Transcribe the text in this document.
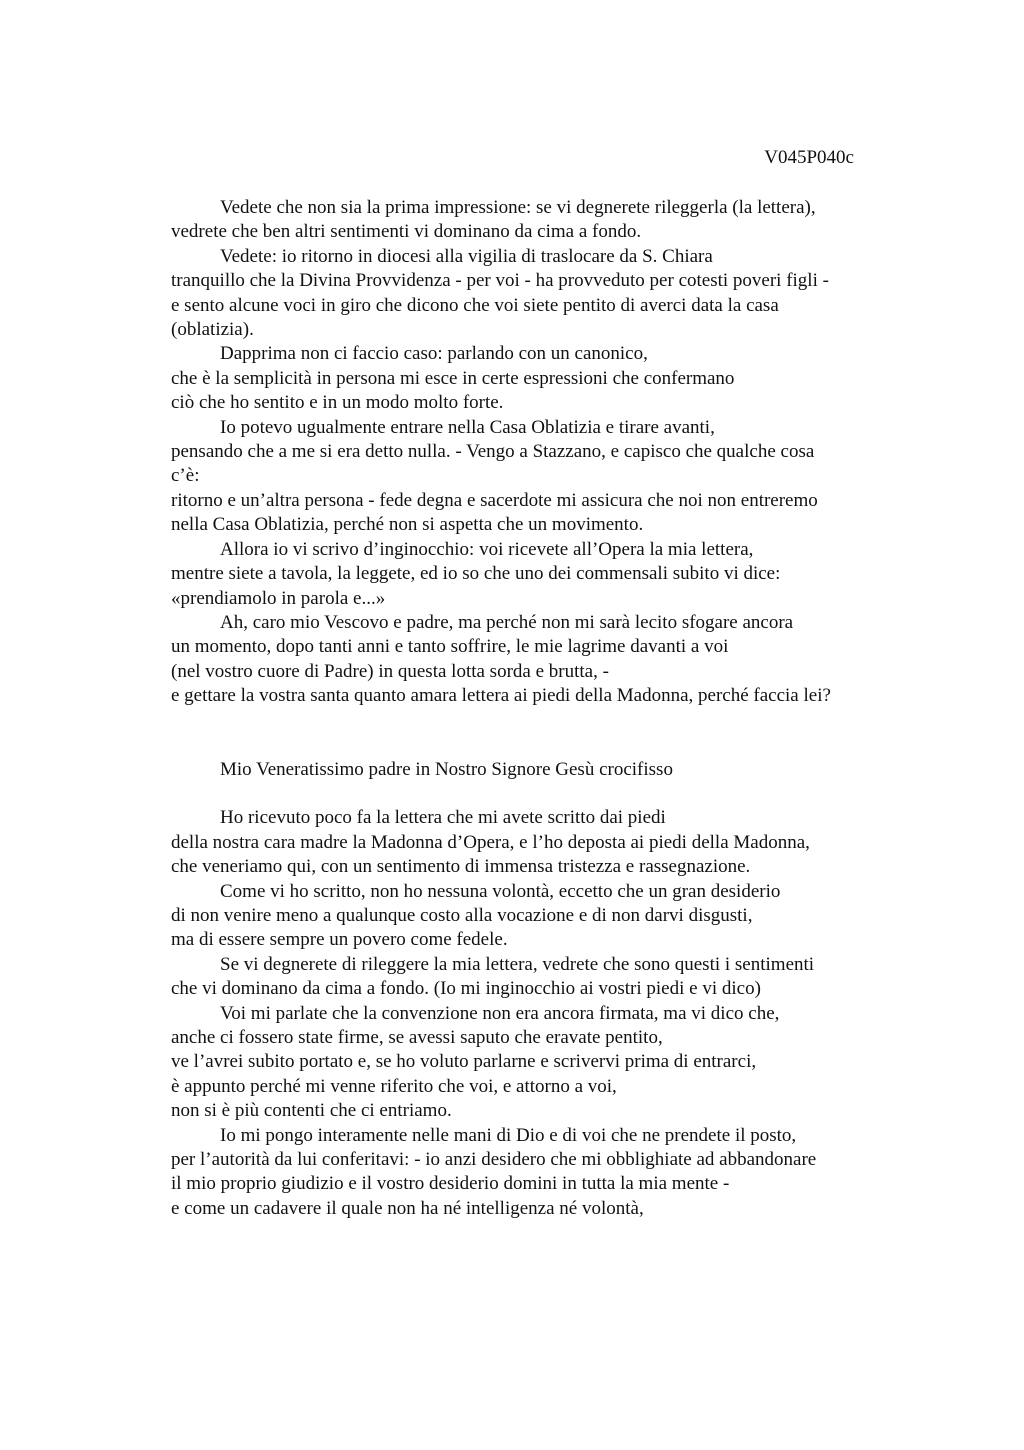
V045P040c
Vedete che non sia la prima impressione: se vi degnerete rileggerla (la lettera),
vedrete che ben altri sentimenti vi dominano da cima a fondo.
Vedete: io ritorno in diocesi alla vigilia di traslocare da S. Chiara
tranquillo che la Divina Provvidenza - per voi - ha provveduto per cotesti poveri figli -
e sento alcune voci in giro che dicono che voi siete pentito di averci data la casa
(oblatizia).
Dapprima non ci faccio caso: parlando con un canonico,
che è la semplicità in persona mi esce in certe espressioni che confermano
ciò che ho sentito e in un modo molto forte.
Io potevo ugualmente entrare nella Casa Oblatizia e tirare avanti,
pensando che a me si era detto nulla. - Vengo a Stazzano, e capisco che qualche cosa
c’è:
ritorno e un’altra persona - fede degna e sacerdote mi assicura che noi non entreremo
nella Casa Oblatizia, perché non si aspetta che un movimento.
Allora io vi scrivo d’inginocchio: voi ricevete all’Opera la mia lettera,
mentre siete a tavola, la leggete, ed io so che uno dei commensali subito vi dice:
«prendiamolo in parola e...»
Ah, caro mio Vescovo e padre, ma perché non mi sarà lecito sfogare ancora
un momento, dopo tanti anni e tanto soffrire, le mie lagrime davanti a voi
(nel vostro cuore di Padre) in questa lotta sorda e brutta, -
e gettare la vostra santa quanto amara lettera ai piedi della Madonna, perché faccia lei?
Mio Veneratissimo padre in Nostro Signore Gesù crocifisso
Ho ricevuto poco fa la lettera che mi avete scritto dai piedi
della nostra cara madre la Madonna d’Opera, e l’ho deposta ai piedi della Madonna,
che veneriamo qui, con un sentimento di immensa tristezza e rassegnazione.
Come vi ho scritto, non ho nessuna volontà, eccetto che un gran desiderio
di non venire meno a qualunque costo alla vocazione e di non darvi disgusti,
ma di essere sempre un povero come fedele.
Se vi degnerete di rileggere la mia lettera, vedrete che sono questi i sentimenti
che vi dominano da cima a fondo. (Io mi inginocchio ai vostri piedi e vi dico)
Voi mi parlate che la convenzione non era ancora firmata, ma vi dico che,
anche ci fossero state firme, se avessi saputo che eravate pentito,
ve l’avrei subito portato e, se ho voluto parlarne e scrivervi prima di entrarci,
è appunto perché mi venne riferito che voi, e attorno a voi,
non si è più contenti che ci entriamo.
Io mi pongo interamente nelle mani di Dio e di voi che ne prendete il posto,
per l’autorità da lui conferitavi: - io anzi desidero che mi obblighiate ad abbandonare
il mio proprio giudizio e il vostro desiderio domini in tutta la mia mente -
e come un cadavere il quale non ha né intelligenza né volontà,
